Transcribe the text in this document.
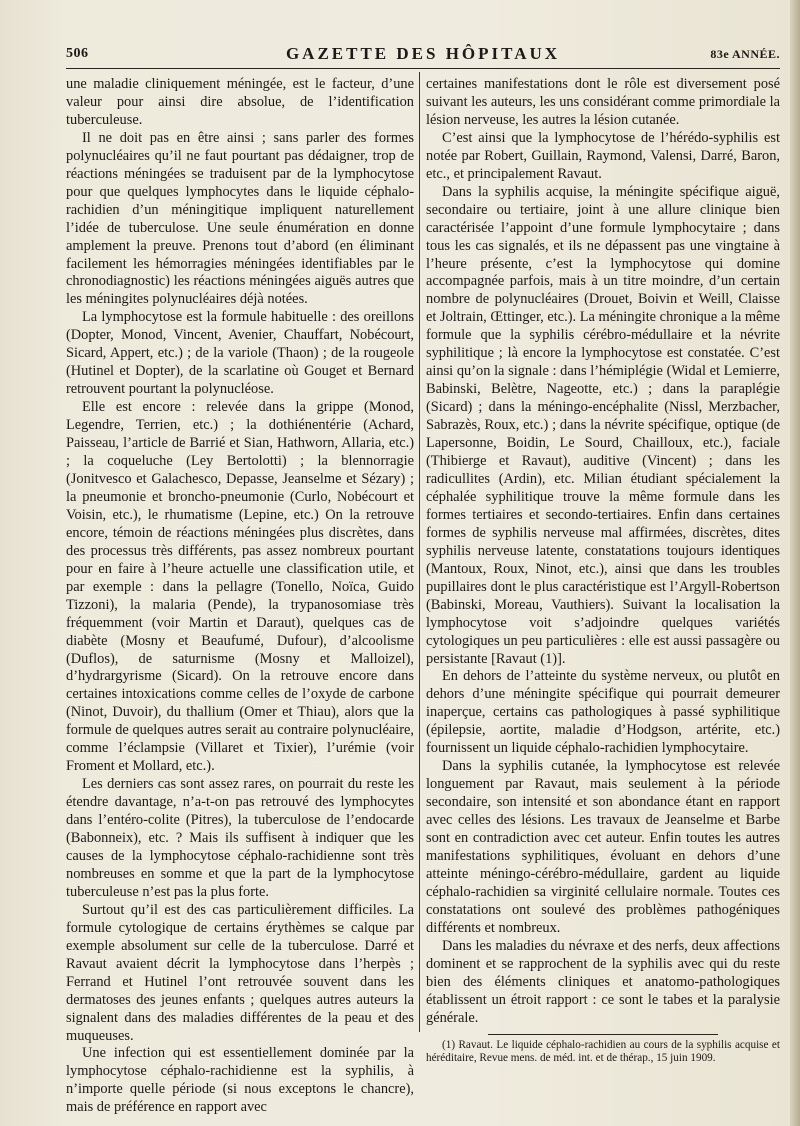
506	GAZETTE DES HÔPITAUX	83e ANNÉE.

une maladie cliniquement méningée, est le facteur, d’une valeur pour ainsi dire absolue, de l’identification tuberculeuse.

Il ne doit pas en être ainsi ; sans parler des formes polynucléaires qu’il ne faut pourtant pas dédaigner, trop de réactions méningées se traduisent par de la lymphocytose pour que quelques lymphocytes dans le liquide céphalo-rachidien d’un méningitique impliquent naturellement l’idée de tuberculose. Une seule énumération en donne amplement la preuve. Prenons tout d’abord (en éliminant facilement les hémorragies méningées identifiables par le chronodiagnostic) les réactions méningées aiguës autres que les méningites polynucléaires déjà notées.

La lymphocytose est la formule habituelle : des oreillons (Dopter, Monod, Vincent, Avenier, Chauffart, Nobécourt, Sicard, Appert, etc.) ; de la variole (Thaon) ; de la rougeole (Hutinel et Dopter), de la scarlatine où Gouget et Bernard retrouvent pourtant la polynucléose.

Elle est encore : relevée dans la grippe (Monod, Legendre, Terrien, etc.) ; la dothiénentérie (Achard, Paisseau, l’article de Barrié et Sian, Hathworn, Allaria, etc.) ; la coqueluche (Ley Bertolotti) ; la blennorragie (Jonitvesco et Galachesco, Depasse, Jeanselme et Sézary) ; la pneumonie et broncho-pneumonie (Curlo, Nobécourt et Voisin, etc.), le rhumatisme (Lepine, etc.) On la retrouve encore, témoin de réactions méningées plus discrètes, dans des processus très différents, pas assez nombreux pourtant pour en faire à l’heure actuelle une classification utile, et par exemple : dans la pellagre (Tonello, Noïca, Guido Tizzoni), la malaria (Pende), la trypanosomiase très fréquemment (voir Martin et Daraut), quelques cas de diabète (Mosny et Beaufumé, Dufour), d’alcoolisme (Duflos), de saturnisme (Mosny et Malloizel), d’hydrargyrisme (Sicard). On la retrouve encore dans certaines intoxications comme celles de l’oxyde de carbone (Ninot, Duvoir), du thallium (Omer et Thiau), alors que la formule de quelques autres serait au contraire polynucléaire, comme l’éclampsie (Villaret et Tixier), l’urémie (voir Froment et Mollard, etc.).

Les derniers cas sont assez rares, on pourrait du reste les étendre davantage, n’a-t-on pas retrouvé des lymphocytes dans l’entéro-colite (Pitres), la tuberculose de l’endocarde (Babonneix), etc. ? Mais ils suffisent à indiquer que les causes de la lymphocytose céphalo-rachidienne sont très nombreuses en somme et que la part de la lymphocytose tuberculeuse n’est pas la plus forte.

Surtout qu’il est des cas particulièrement difficiles. La formule cytologique de certains érythèmes se calque par exemple absolument sur celle de la tuberculose. Darré et Ravaut avaient décrit la lymphocytose dans l’herpès ; Ferrand et Hutinel l’ont retrouvée souvent dans les dermatoses des jeunes enfants ; quelques autres auteurs la signalent dans des maladies différentes de la peau et des muqueuses.

Une infection qui est essentiellement dominée par la lymphocytose céphalo-rachidienne est la syphilis, à n’importe quelle période (si nous exceptons le chancre), mais de préférence en rapport avec

certaines manifestations dont le rôle est diversement posé suivant les auteurs, les uns considérant comme primordiale la lésion nerveuse, les autres la lésion cutanée.

C’est ainsi que la lymphocytose de l’hérédo-syphilis est notée par Robert, Guillain, Raymond, Valensi, Darré, Baron, etc., et principalement Ravaut.

Dans la syphilis acquise, la méningite spécifique aiguë, secondaire ou tertiaire, joint à une allure clinique bien caractérisée l’appoint d’une formule lymphocytaire ; dans tous les cas signalés, et ils ne dépassent pas une vingtaine à l’heure présente, c’est la lymphocytose qui domine accompagnée parfois, mais à un titre moindre, d’un certain nombre de polynucléaires (Drouet, Boivin et Weill, Claisse et Joltrain, Œttinger, etc.). La méningite chronique a la même formule que la syphilis cérébro-médullaire et la névrite syphilitique ; là encore la lymphocytose est constatée. C’est ainsi qu’on la signale : dans l’hémiplégie (Widal et Lemierre, Babinski, Belètre, Nageotte, etc.) ; dans la paraplégie (Sicard) ; dans la méningo-encéphalite (Nissl, Merzbacher, Sabrazès, Roux, etc.) ; dans la névrite spécifique, optique (de Lapersonne, Boidin, Le Sourd, Chailloux, etc.), faciale (Thibierge et Ravaut), auditive (Vincent) ; dans les radicullites (Ardin), etc. Milian étudiant spécialement la céphalée syphilitique trouve la même formule dans les formes tertiaires et secondo-tertiaires. Enfin dans certaines formes de syphilis nerveuse mal affirmées, discrètes, dites syphilis nerveuse latente, constatations toujours identiques (Mantoux, Roux, Ninot, etc.), ainsi que dans les troubles pupillaires dont le plus caractéristique est l’Argyll-Robertson (Babinski, Moreau, Vauthiers). Suivant la localisation la lymphocytose voit s’adjoindre quelques variétés cytologiques un peu particulières : elle est aussi passagère ou persistante [Ravaut (1)].

En dehors de l’atteinte du système nerveux, ou plutôt en dehors d’une méningite spécifique qui pourrait demeurer inaperçue, certains cas pathologiques à passé syphilitique (épilepsie, aortite, maladie d’Hodgson, artérite, etc.) fournissent un liquide céphalo-rachidien lymphocytaire.

Dans la syphilis cutanée, la lymphocytose est relevée longuement par Ravaut, mais seulement à la période secondaire, son intensité et son abondance étant en rapport avec celles des lésions. Les travaux de Jeanselme et Barbe sont en contradiction avec cet auteur. Enfin toutes les autres manifestations syphilitiques, évoluant en dehors d’une atteinte méningo-cérébro-médullaire, gardent au liquide céphalo-rachidien sa virginité cellulaire normale. Toutes ces constatations ont soulevé des problèmes pathogéniques différents et nombreux.

Dans les maladies du névraxe et des nerfs, deux affections dominent et se rapprochent de la syphilis avec qui du reste bien des éléments cliniques et anatomo-pathologiques établissent un étroit rapport : ce sont le tabes et la paralysie générale.

(1) Ravaut. Le liquide céphalo-rachidien au cours de la syphilis acquise et héréditaire, Revue mens. de méd. int. et de thérap., 15 juin 1909.
